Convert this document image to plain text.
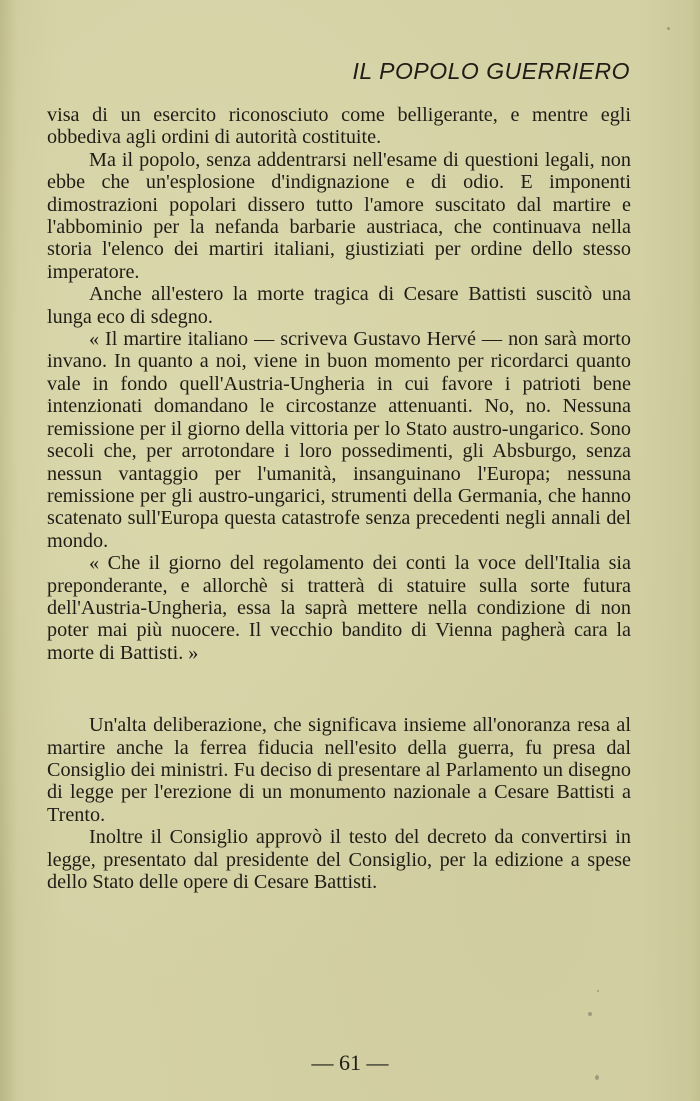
IL POPOLO GUERRIERO

visa di un esercito riconosciuto come belligerante, e mentre egli obbediva agli ordini di autorità costituite.

Ma il popolo, senza addentrarsi nell'esame di questioni legali, non ebbe che un'esplosione d'indignazione e di odio. E imponenti dimostrazioni popolari dissero tutto l'amore suscitato dal martire e l'abbominio per la nefanda barbarie austriaca, che continuava nella storia l'elenco dei martiri italiani, giustiziati per ordine dello stesso imperatore.

Anche all'estero la morte tragica di Cesare Battisti suscitò una lunga eco di sdegno.

« Il martire italiano — scriveva Gustavo Hervé — non sarà morto invano. In quanto a noi, viene in buon momento per ricordarci quanto vale in fondo quell'Austria-Ungheria in cui favore i patrioti bene intenzionati domandano le circostanze attenuanti. No, no. Nessuna remissione per il giorno della vittoria per lo Stato austro-ungarico. Sono secoli che, per arrotondare i loro possedimenti, gli Absburgo, senza nessun vantaggio per l'umanità, insanguinano l'Europa; nessuna remissione per gli austro-ungarici, strumenti della Germania, che hanno scatenato sull'Europa questa catastrofe senza precedenti negli annali del mondo.

« Che il giorno del regolamento dei conti la voce dell'Italia sia preponderante, e allorchè si tratterà di statuire sulla sorte futura dell'Austria-Ungheria, essa la saprà mettere nella condizione di non poter mai più nuocere. Il vecchio bandito di Vienna pagherà cara la morte di Battisti. »

Un'alta deliberazione, che significava insieme all'onoranza resa al martire anche la ferrea fiducia nell'esito della guerra, fu presa dal Consiglio dei ministri. Fu deciso di presentare al Parlamento un disegno di legge per l'erezione di un monumento nazionale a Cesare Battisti a Trento.

Inoltre il Consiglio approvò il testo del decreto da convertirsi in legge, presentato dal presidente del Consiglio, per la edizione a spese dello Stato delle opere di Cesare Battisti.

— 61 —
